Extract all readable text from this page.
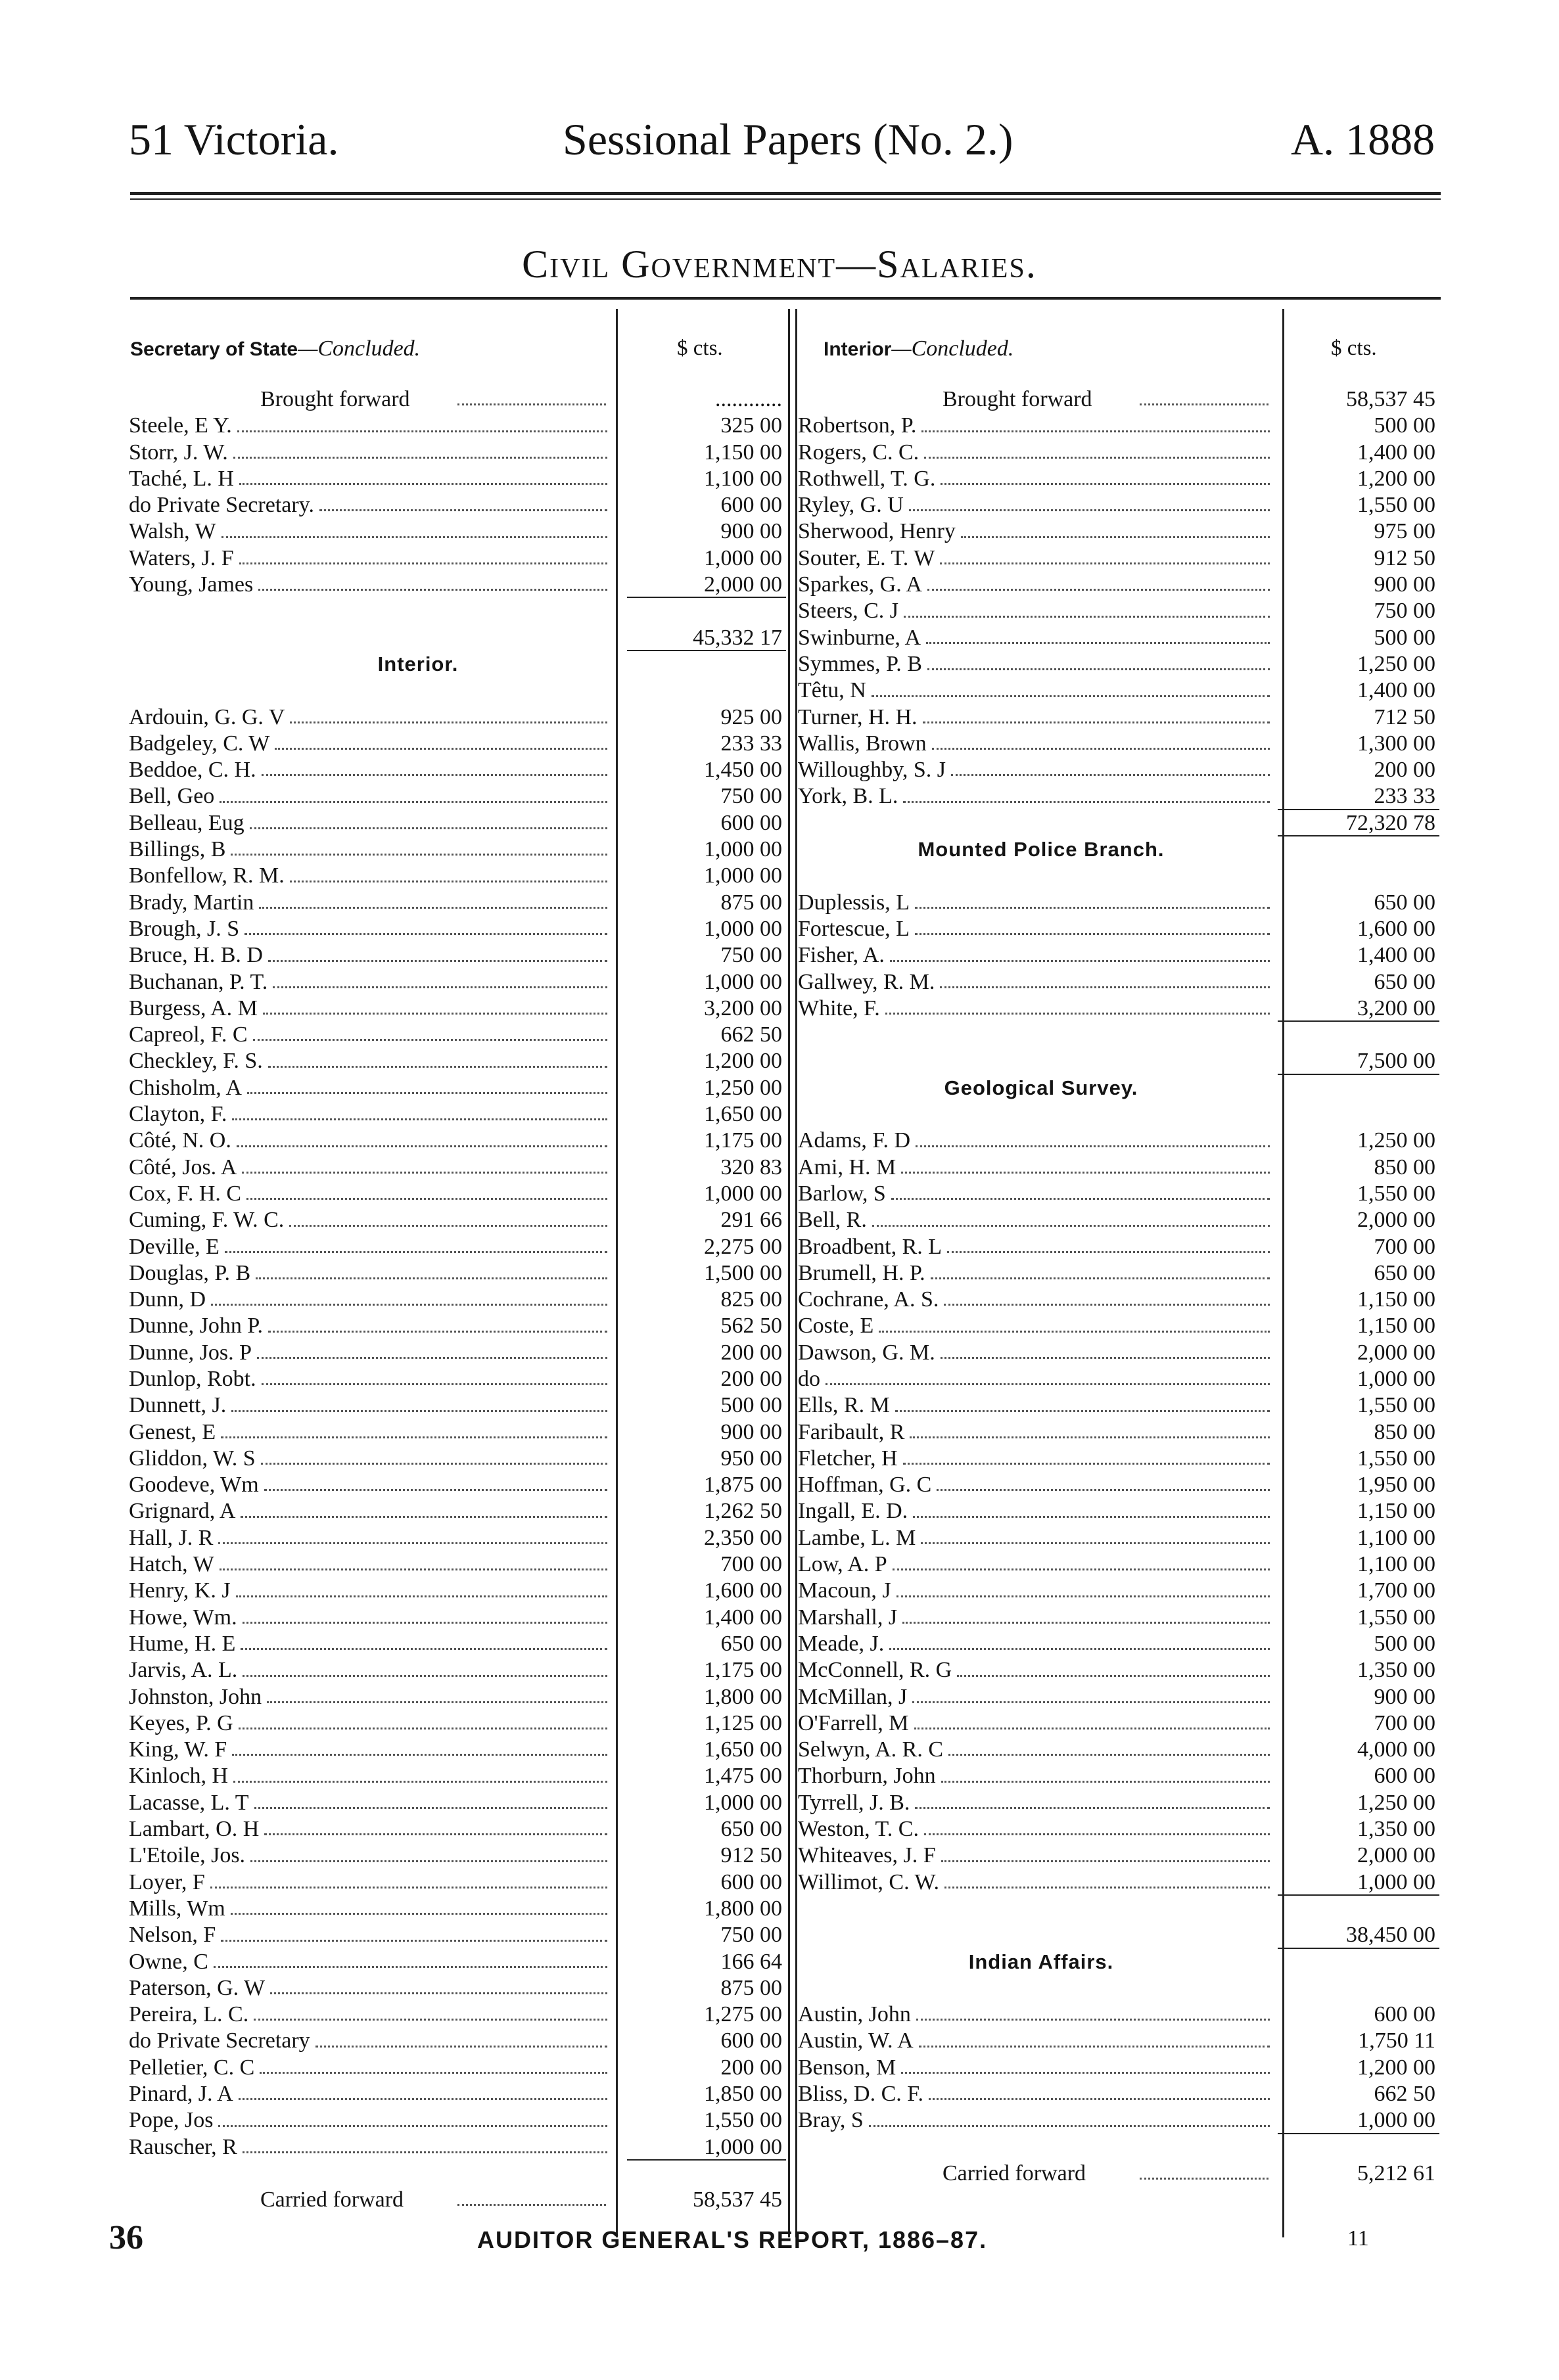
51 Victoria.	Sessional Papers (No. 2.)	A. 1888
Civil Government—Salaries.
Secretary of State—Concluded.	$ cts.	Interior—Concluded.	$ cts.
Brought forward	............
Steele, E Y.	325 00
Storr, J. W.	1,150 00
Taché, L. H	1,100 00
do Private Secretary.	600 00
Walsh, W	900 00
Waters, J. F	1,000 00
Young, James	2,000 00
45,332 17
Interior.
Ardouin, G. G. V	925 00
Badgeley, C. W	233 33
Beddoe, C. H.	1,450 00
Bell, Geo	750 00
Belleau, Eug	600 00
Billings, B	1,000 00
Bonfellow, R. M.	1,000 00
Brady, Martin	875 00
Brough, J. S	1,000 00
Bruce, H. B. D	750 00
Buchanan, P. T.	1,000 00
Burgess, A. M	3,200 00
Capreol, F. C	662 50
Checkley, F. S.	1,200 00
Chisholm, A	1,250 00
Clayton, F.	1,650 00
Côté, N. O.	1,175 00
Côté, Jos. A	320 83
Cox, F. H. C	1,000 00
Cuming, F. W. C.	291 66
Deville, E	2,275 00
Douglas, P. B	1,500 00
Dunn, D	825 00
Dunne, John P.	562 50
Dunne, Jos. P	200 00
Dunlop, Robt.	200 00
Dunnett, J.	500 00
Genest, E	900 00
Gliddon, W. S	950 00
Goodeve, Wm	1,875 00
Grignard, A	1,262 50
Hall, J. R	2,350 00
Hatch, W	700 00
Henry, K. J	1,600 00
Howe, Wm.	1,400 00
Hume, H. E	650 00
Jarvis, A. L.	1,175 00
Johnston, John	1,800 00
Keyes, P. G	1,125 00
King, W. F	1,650 00
Kinloch, H	1,475 00
Lacasse, L. T	1,000 00
Lambart, O. H	650 00
L'Etoile, Jos.	912 50
Loyer, F	600 00
Mills, Wm	1,800 00
Nelson, F	750 00
Owne, C	166 64
Paterson, G. W	875 00
Pereira, L. C.	1,275 00
do Private Secretary	600 00
Pelletier, C. C	200 00
Pinard, J. A	1,850 00
Pope, Jos	1,550 00
Rauscher, R	1,000 00
Carried forward	58,537 45
Brought forward	58,537 45
Robertson, P.	500 00
Rogers, C. C.	1,400 00
Rothwell, T. G.	1,200 00
Ryley, G. U	1,550 00
Sherwood, Henry	975 00
Souter, E. T. W	912 50
Sparkes, G. A	900 00
Steers, C. J	750 00
Swinburne, A	500 00
Symmes, P. B	1,250 00
Têtu, N	1,400 00
Turner, H. H.	712 50
Wallis, Brown	1,300 00
Willoughby, S. J	200 00
York, B. L.	233 33
72,320 78
Mounted Police Branch.
Duplessis, L	650 00
Fortescue, L	1,600 00
Fisher, A.	1,400 00
Gallwey, R. M.	650 00
White, F.	3,200 00
7,500 00
Geological Survey.
Adams, F. D	1,250 00
Ami, H. M	850 00
Barlow, S	1,550 00
Bell, R.	2,000 00
Broadbent, R. L	700 00
Brumell, H. P.	650 00
Cochrane, A. S.	1,150 00
Coste, E	1,150 00
Dawson, G. M.	2,000 00
do	1,000 00
Ells, R. M	1,550 00
Faribault, R	850 00
Fletcher, H	1,550 00
Hoffman, G. C	1,950 00
Ingall, E. D.	1,150 00
Lambe, L. M	1,100 00
Low, A. P	1,100 00
Macoun, J	1,700 00
Marshall, J	1,550 00
Meade, J.	500 00
McConnell, R. G	1,350 00
McMillan, J	900 00
O'Farrell, M	700 00
Selwyn, A. R. C	4,000 00
Thorburn, John	600 00
Tyrrell, J. B.	1,250 00
Weston, T. C.	1,350 00
Whiteaves, J. F	2,000 00
Willimot, C. W.	1,000 00
38,450 00
Indian Affairs.
Austin, John	600 00
Austin, W. A	1,750 11
Benson, M	1,200 00
Bliss, D. C. F.	662 50
Bray, S	1,000 00
Carried forward	5,212 61
36	AUDITOR GENERAL'S REPORT, 1886–87.	11
